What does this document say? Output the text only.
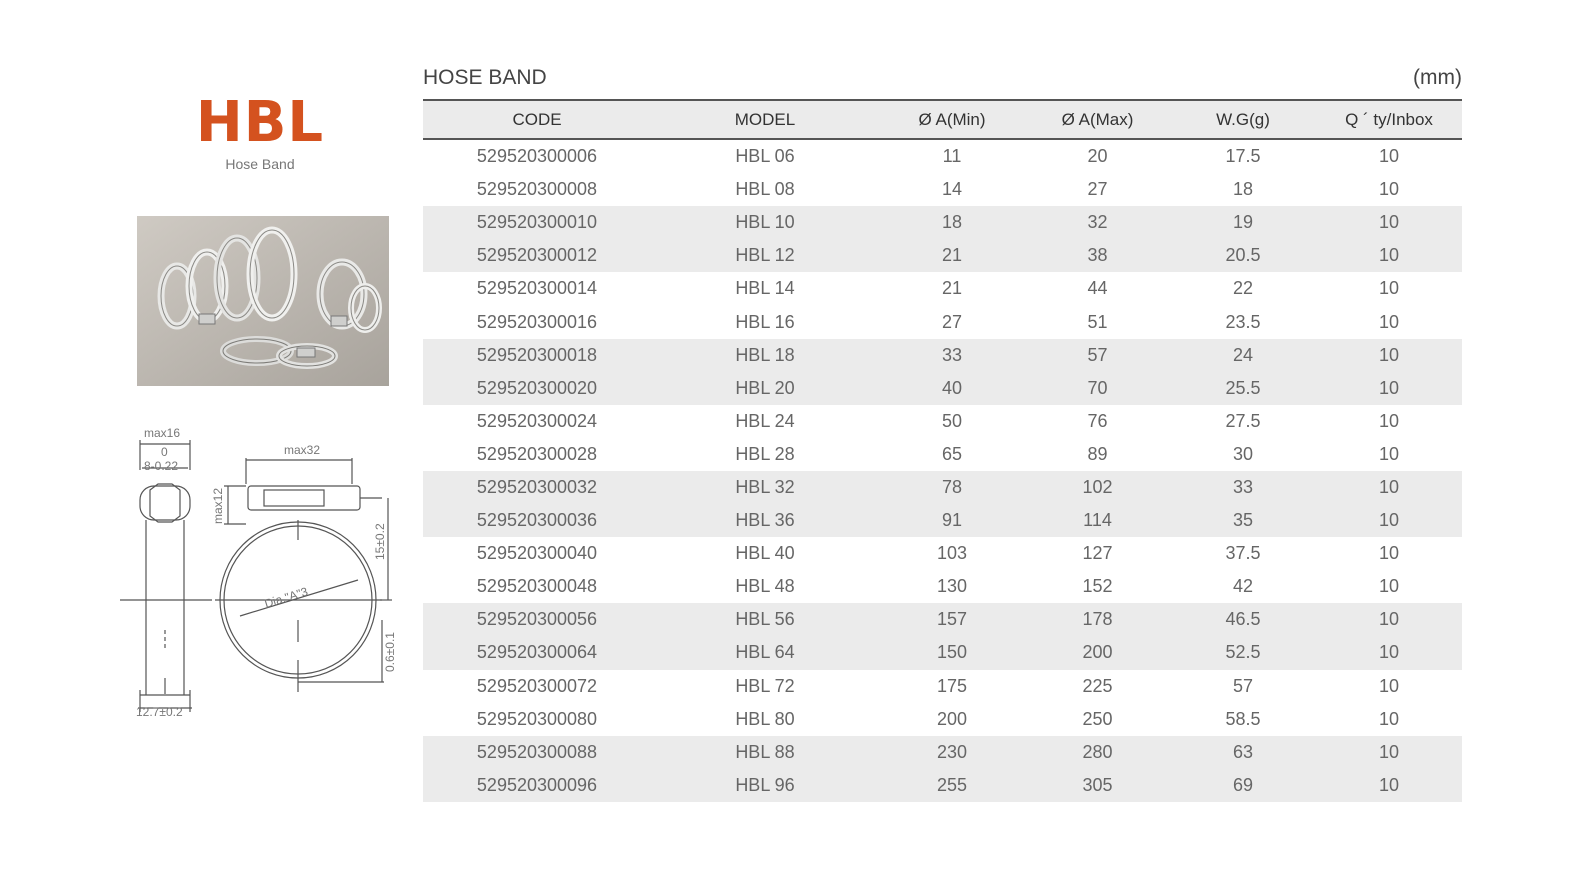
HBL
Hose Band
max16
0
8-0.22
12.7±0.2
max32
max12
15±0.2
Dia."A"3
0.6±0.1
HOSE BAND	(mm)
CODE	MODEL	Ø A(Min)	Ø A(Max)	W.G(g)	Q ´ ty/Inbox
529520300006	HBL 06	11	20	17.5	10
529520300008	HBL 08	14	27	18	10
529520300010	HBL 10	18	32	19	10
529520300012	HBL 12	21	38	20.5	10
529520300014	HBL 14	21	44	22	10
529520300016	HBL 16	27	51	23.5	10
529520300018	HBL 18	33	57	24	10
529520300020	HBL 20	40	70	25.5	10
529520300024	HBL 24	50	76	27.5	10
529520300028	HBL 28	65	89	30	10
529520300032	HBL 32	78	102	33	10
529520300036	HBL 36	91	114	35	10
529520300040	HBL 40	103	127	37.5	10
529520300048	HBL 48	130	152	42	10
529520300056	HBL 56	157	178	46.5	10
529520300064	HBL 64	150	200	52.5	10
529520300072	HBL 72	175	225	57	10
529520300080	HBL 80	200	250	58.5	10
529520300088	HBL 88	230	280	63	10
529520300096	HBL 96	255	305	69	10
